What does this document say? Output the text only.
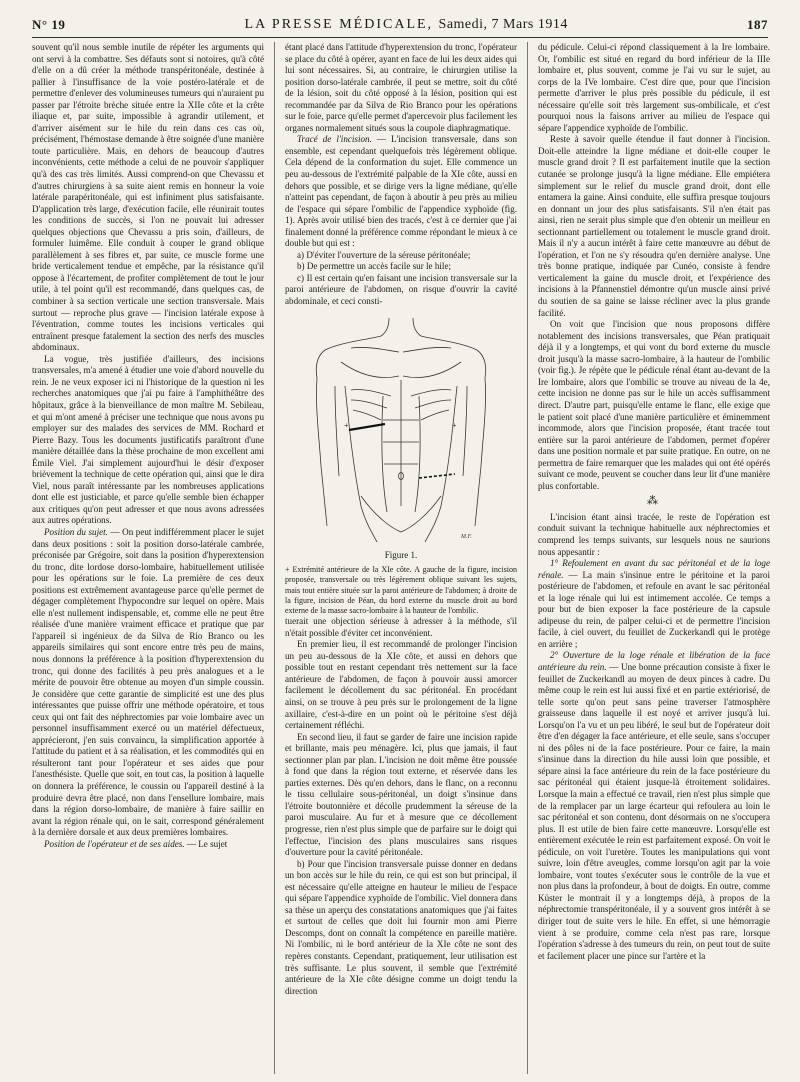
N° 19	LA PRESSE MÉDICALE, Samedi, 7 Mars 1914	187

souvent qu'il nous semble inutile de répéter les arguments qui ont servi à la combattre. Ses défauts sont si notoires, qu'à côté d'elle on a dû créer la méthode transpéritonéale, destinée à pallier à l'insuffisance de la voie postéro-latérale et de permettre d'enlever des volumineuses tumeurs qui n'auraient pu passer par l'étroite brèche située entre la XIIe côte et la crête iliaque et, par suite, impossible à agrandir utilement, et d'arriver aisément sur le hile du rein dans ces cas où, précisément, l'hémostase demande à être soignée d'une manière toute particulière. Mais, en dehors de beaucoup d'autres inconvénients, cette méthode a celui de ne pouvoir s'appliquer qu'à des cas très limités. Aussi comprend-on que Chevassu et d'autres chirurgiens à sa suite aient remis en honneur la voie latérale parapéritonéale, qui est infiniment plus satisfaisante. D'application très large, d'exécution facile, elle réunirait toutes les conditions de succès, si l'on ne pouvait lui adresser quelques objections que Chevassu a pris soin, d'ailleurs, de formuler luimême. Elle conduit à couper le grand oblique parallèlement à ses fibres et, par suite, ce muscle forme une bride verticalement tendue et empêche, par la résistance qu'il oppose à l'écartement, de profiter complètement de tout le jour utile, à tel point qu'il est recommandé, dans quelques cas, de combiner à sa section verticale une section transversale. Mais surtout — reproche plus grave — l'incision latérale expose à l'éventration, comme toutes les incisions verticales qui entraînent presque fatalement la section des nerfs des muscles abdominaux.

La vogue, très justifiée d'ailleurs, des incisions transversales, m'a amené à étudier une voie d'abord nouvelle du rein. Je ne veux exposer ici ni l'historique de la question ni les recherches anatomiques que j'ai pu faire à l'amphithéâtre des hôpitaux, grâce à la bienveillance de mon maître M. Sebileau, et qui m'ont amené à préciser une technique que nous avons pu employer sur des malades des services de MM. Rochard et Pierre Bazy. Tous les documents justificatifs paraîtront d'une manière détaillée dans la thèse prochaine de mon excellent ami Émile Viel. J'ai simplement aujourd'hui le désir d'exposer brièvement la technique de cette opération qui, ainsi que le dira Viel, nous paraît intéressante par les nombreuses applications dont elle est justiciable, et parce qu'elle semble bien échapper aux critiques qu'on peut adresser et que nous avons adressées aux autres opérations.

Position du sujet. — On peut indifféremment placer le sujet dans deux positions : soit la position dorso-latérale cambrée, préconisée par Grégoire, soit dans la position d'hyperextension du tronc, dite lordose dorso-lombaire, habituellement utilisée pour les opérations sur le foie. La première de ces deux positions est extrêmement avantageuse parce qu'elle permet de dégager complètement l'hypocondre sur lequel on opère. Mais elle n'est nullement indispensable, et, comme elle ne peut être réalisée d'une manière vraiment efficace et pratique que par l'appareil si ingénieux de da Silva de Rio Branco ou les appareils similaires qui sont encore entre très peu de mains, nous donnons la préférence à la position d'hyperextension du tronc, qui donne des facilités à peu près analogues et a le mérite de pouvoir être obtenue au moyen d'un simple coussin. Je considère que cette garantie de simplicité est une des plus intéressantes que puisse offrir une méthode opératoire, et tous ceux qui ont fait des néphrectomies par voie lombaire avec un personnel insuffisamment exercé ou un matériel défectueux, apprécieront, j'en suis convaincu, la simplification apportée à l'attitude du patient et à sa réalisation, et les commodités qui en résulteront tant pour l'opérateur et ses aides que pour l'anesthésiste. Quelle que soit, en tout cas, la position à laquelle on donnera la préférence, le coussin ou l'appareil destiné à la produire devra être placé, non dans l'ensellure lombaire, mais dans la région dorso-lombaire, de manière à faire saillir en avant la région rénale qui, on le sait, correspond généralement à la dernière dorsale et aux deux premières lombaires.

Position de l'opérateur et de ses aides. — Le sujet

étant placé dans l'attitude d'hyperextension du tronc, l'opérateur se place du côté à opérer, ayant en face de lui les deux aides qui lui sont nécessaires. Si, au contraire, le chirurgien utilise la position dorso-latérale cambrée, il peut se mettre, soit du côté de la lésion, soit du côté opposé à la lésion, position qui est recommandée par da Silva de Rio Branco pour les opérations sur le foie, parce qu'elle permet d'apercevoir plus facilement les organes normalement situés sous la coupole diaphragmatique.

Tracé de l'incision. — L'incision transversale, dans son ensemble, est cependant quelquefois très légèrement oblique. Cela dépend de la conformation du sujet. Elle commence un peu au-dessous de l'extrémité palpable de la XIe côte, aussi en dehors que possible, et se dirige vers la ligne médiane, qu'elle n'atteint pas cependant, de façon à aboutir à peu près au milieu de l'espace qui sépare l'ombilic de l'appendice xyphoïde (fig. 1). Après avoir utilisé bien des tracés, c'est à ce dernier que j'ai finalement donné la préférence comme répondant le mieux à ce double but qui est :

a) D'éviter l'ouverture de la séreuse péritonéale;

b) De permettre un accès facile sur le hile;

c) Il est certain qu'en faisant une incision transversale sur la paroi antérieure de l'abdomen, on risque d'ouvrir la cavité abdominale, et ceci consti-

+	+
M.F.
Figure 1.

+ Extrémité antérieure de la XIe côte. A gauche de la figure, incision proposée, transversale ou très légèrement oblique suivant les sujets, mais tout entière située sur la paroi antérieure de l'abdomen; à droite de la figure, incision de Péan, du bord externe du muscle droit au bord externe de la masse sacro-lombaire à la hauteur de l'ombilic.

tuerait une objection sérieuse à adresser à la méthode, s'il n'était possible d'éviter cet inconvénient.

En premier lieu, il est recommandé de prolonger l'incision un peu au-dessous de la XIe côte, et aussi en dehors que possible tout en restant cependant très nettement sur la face antérieure de l'abdomen, de façon à pouvoir aussi amorcer facilement le décollement du sac péritonéal. En procédant ainsi, on se trouve à peu près sur le prolongement de la ligne axillaire, c'est-à-dire en un point où le péritoine s'est déjà certainement réfléchi.

En second lieu, il faut se garder de faire une incision rapide et brillante, mais peu ménagère. Ici, plus que jamais, il faut sectionner plan par plan. L'incision ne doit même être poussée à fond que dans la région tout externe, et réservée dans les parties externes. Dès qu'en dehors, dans le flanc, on a reconnu le tissu cellulaire sous-péritonéal, un doigt s'insinue dans l'étroite boutonnière et décolle prudemment la séreuse de la paroi musculaire. Au fur et à mesure que ce décollement progresse, rien n'est plus simple que de parfaire sur le doigt qui l'effectue, l'incision des plans musculaires sans risques d'ouverture pour la cavité péritonéale.

b) Pour que l'incision transversale puisse donner en dedans un bon accès sur le hile du rein, ce qui est son but principal, il est nécessaire qu'elle atteigne en hauteur le milieu de l'espace qui sépare l'appendice xyphoïde de l'ombilic. Viel donnera dans sa thèse un aperçu des constatations anatomiques que j'ai faites et surtout de celles que doit lui fournir mon ami Pierre Descomps, dont on connaît la compétence en pareille matière. Ni l'ombilic, ni le bord antérieur de la XIe côte ne sont des repères constants. Cependant, pratiquement, leur utilisation est très suffisante. Le plus souvent, il semble que l'extrémité antérieure de la XIe côte désigne comme un doigt tendu la direction

du pédicule. Celui-ci répond classiquement à la Ire lombaire. Or, l'ombilic est situé en regard du bord inférieur de la IIIe lombaire et, plus souvent, comme je l'ai vu sur le sujet, au corps de la IVe lombaire. C'est dire que, pour que l'incision permette d'arriver le plus près possible du pédicule, il est nécessaire qu'elle soit très largement sus-ombilicale, et c'est pourquoi nous la faisons arriver au milieu de l'espace qui sépare l'appendice xyphoïde de l'ombilic.

Reste à savoir quelle étendue il faut donner à l'incision. Doit-elle atteindre la ligne médiane et doit-elle couper le muscle grand droit ? Il est parfaitement inutile que la section cutanée se prolonge jusqu'à la ligne médiane. Elle empiétera simplement sur le relief du muscle grand droit, dont elle entamera la gaine. Ainsi conduite, elle suffira presque toujours en donnant un jour des plus satisfaisants. S'il n'en était pas ainsi, rien ne serait plus simple que d'en obtenir un meilleur en sectionnant partiellement ou totalement le muscle grand droit. Mais il n'y a aucun intérêt à faire cette manœuvre au début de l'opération, et l'on ne s'y résoudra qu'en dernière analyse. Une très bonne pratique, indiquée par Cunéo, consiste à fendre verticalement la gaine du muscle droit, et l'expérience des incisions à la Pfannenstiel démontre qu'un muscle ainsi privé du soutien de sa gaine se laisse récliner avec la plus grande facilité.

On voit que l'incision que nous proposons diffère notablement des incisions transversales, que Péan pratiquait déjà il y a longtemps, et qui vont du bord externe du muscle droit jusqu'à la masse sacro-lombaire, à la hauteur de l'ombilic (voir fig.). Je répète que le pédicule rénal étant au-devant de la Ire lombaire, alors que l'ombilic se trouve au niveau de la 4e, cette incision ne donne pas sur le hile un accès suffisamment direct. D'autre part, puisqu'elle entame le flanc, elle exige que le patient soit placé d'une manière particulière et éminemment incommode, alors que l'incision proposée, étant tracée tout entière sur la paroi antérieure de l'abdomen, permet d'opérer dans une position normale et par suite pratique. En outre, on ne permettra de faire remarquer que les malades qui ont été opérés suivant ce mode, peuvent se coucher dans leur lit d'une manière plus confortable.

⁂

L'incision étant ainsi tracée, le reste de l'opération est conduit suivant la technique habituelle aux néphrectomies et comprend les temps suivants, sur lesquels nous ne saurions nous appesantir :

1° Refoulement en avant du sac péritonéal et de la loge rénale. — La main s'insinue entre le péritoine et la paroi postérieure de l'abdomen, et refoule en avant le sac péritonéal et la loge rénale qui lui est intimement accolée. Ce temps a pour but de bien exposer la face postérieure de la capsule adipeuse du rein, de palper celui-ci et de permettre l'incision facile, à ciel ouvert, du feuillet de Zuckerkandl qui le protège en arrière ;

2° Ouverture de la loge rénale et libération de la face antérieure du rein. — Une bonne précaution consiste à fixer le feuillet de Zuckerkandl au moyen de deux pinces à cadre. Du même coup le rein est lui aussi fixé et en partie extériorisé, de telle sorte qu'on peut sans peine traverser l'atmosphère graisseuse dans laquelle il est noyé et arriver jusqu'à lui. Lorsqu'on l'a vu et un peu libéré, le seul but de l'opérateur doit être d'en dégager la face antérieure, et elle seule, sans s'occuper ni des pôles ni de la face postérieure. Pour ce faire, la main s'insinue dans la direction du hile aussi loin que possible, et sépare ainsi la face antérieure du rein de la face postérieure du sac péritonéal qui étaient jusque-là étroitement solidaires. Lorsque la main a effectué ce travail, rien n'est plus simple que de la remplacer par un large écarteur qui refoulera au loin le sac péritonéal et son contenu, dont désormais on ne s'occupera plus. Il est utile de bien faire cette manœuvre. Lorsqu'elle est entièrement exécutée le rein est parfaitement exposé. On voit le pédicule, on voit l'uretère. Toutes les manipulations qui vont suivre, loin d'être aveugles, comme lorsqu'on agit par la voie lombaire, vont toutes s'exécuter sous le contrôle de la vue et non plus dans la profondeur, à bout de doigts. En outre, comme Küster le montrait il y a longtemps déjà, à propos de la néphrectomie transpéritonéale, il y a souvent gros intérêt à se diriger tout de suite vers le hile. En effet, si une hémorragie vient à se produire, comme cela n'est pas rare, lorsque l'opération s'adresse à des tumeurs du rein, on peut tout de suite et facilement placer une pince sur l'artère et la
